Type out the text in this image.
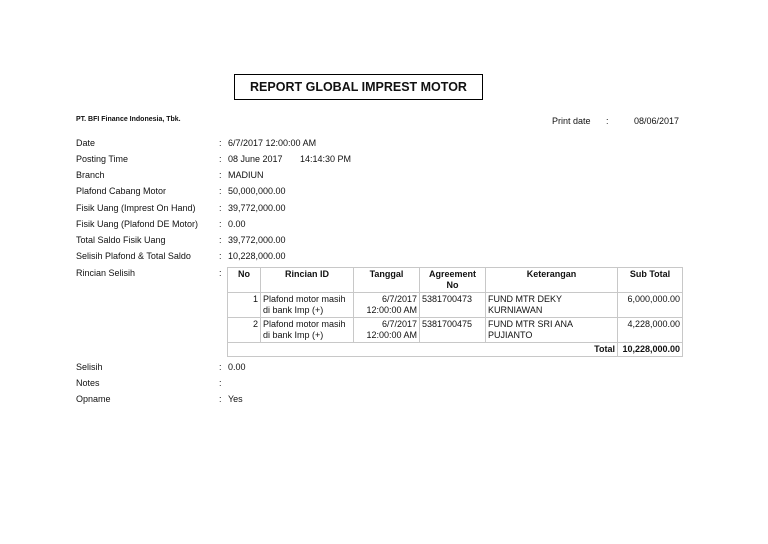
REPORT GLOBAL IMPREST MOTOR
PT. BFI Finance Indonesia, Tbk.	Print date :	08/06/2017
Date	: 6/7/2017 12:00:00 AM
Posting Time	: 08 June 2017 14:14:30 PM
Branch	: MADIUN
Plafond Cabang Motor	: 50,000,000.00
Fisik Uang (Imprest On Hand)	: 39,772,000.00
Fisik Uang (Plafond DE Motor) : 0.00
Total Saldo Fisik Uang	: 39,772,000.00
Selisih Plafond & Total Saldo	: 10,228,000.00
Rincian Selisih	: No	Rincian ID	Tanggal	Agreement No	Keterangan	Sub Total
1	Plafond motor masih di bank Imp (+)	6/7/2017 12:00:00 AM	5381700473	FUND MTR DEKY KURNIAWAN	6,000,000.00
2	Plafond motor masih di bank Imp (+)	6/7/2017 12:00:00 AM	5381700475	FUND MTR SRI ANA PUJIANTO	4,228,000.00
Total					10,228,000.00
Selisih	: 0.00
Notes	:
Opname	: Yes
